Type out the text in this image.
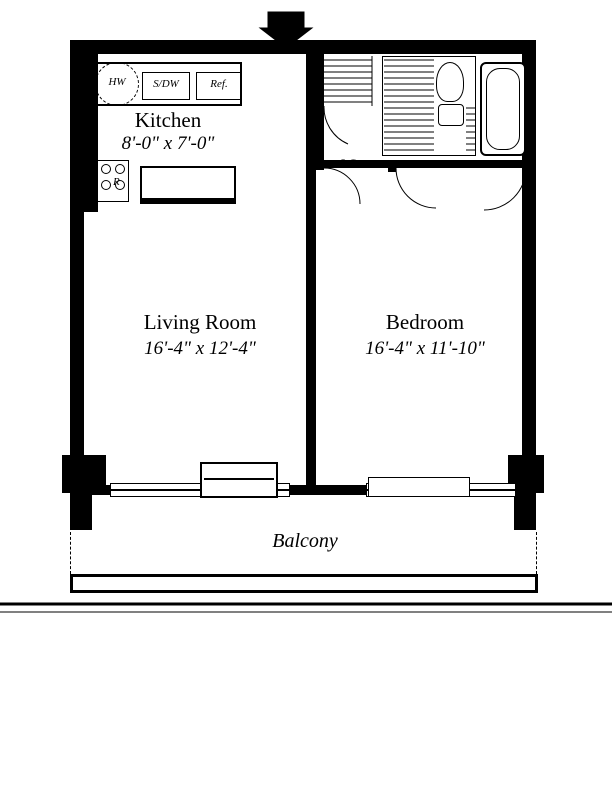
HW	S/DW	Ref.
R
LC
Kitchen
8'-0" x 7'-0"
Living Room
16'-4" x 12'-4"
Bedroom
16'-4" x 11'-10"
Balcony
